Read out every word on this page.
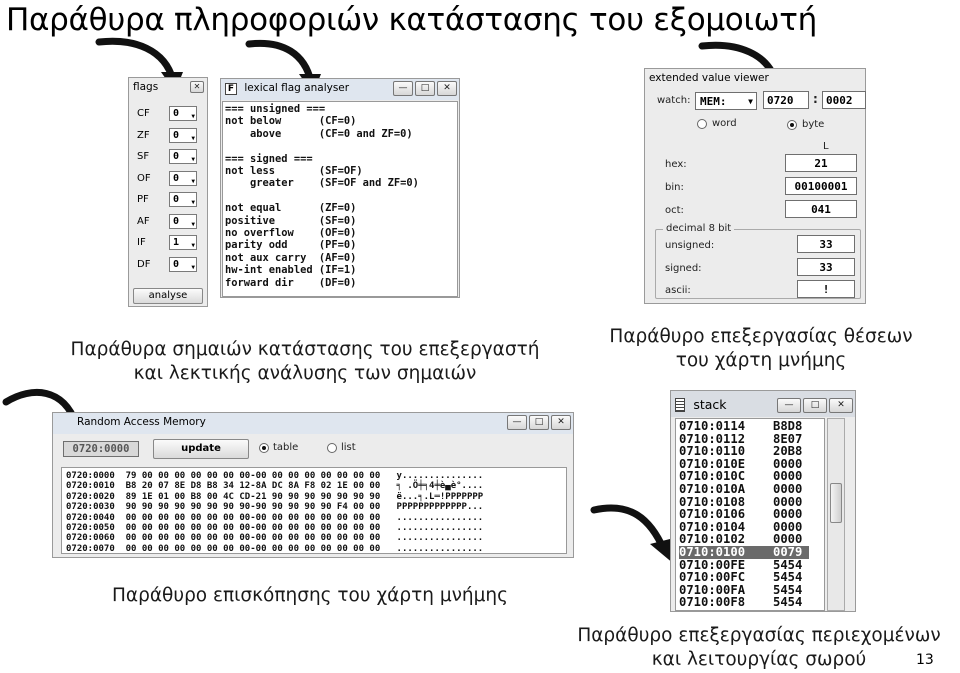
Παράθυρα πληροφοριών κατάστασης του εξομοιωτή
flags	✕
CF	0 ▼
ZF	0 ▼
SF	0 ▼
OF	0 ▼
PF	0 ▼
AF	0 ▼
IF	1 ▼
DF	0 ▼
analyse
F lexical flag analyser	—	□	✕
=== unsigned ===
not below      (CF=0)
above      (CF=0 and ZF=0)
=== signed ===
not less       (SF=OF)
greater    (SF=OF and ZF=0)
not equal      (ZF=0)
positive       (SF=0)
no overflow    (OF=0)
parity odd     (PF=0)
not aux carry  (AF=0)
hw-int enabled (IF=1)
forward dir    (DF=0)
extended value viewer
watch: MEM:	▼	0720	: 0002
word	byte
L
hex:	21
bin:	00100001
oct:	041
decimal 8 bit
unsigned:	33
signed:	33
ascii:	!
Random Access Memory	—	□	✕
0720:0000	update	table	list
0720:0000  79 00 00 00 00 00 00 00-00 00 00 00 00 00 00 00   y...............
0720:0010  B8 20 07 8E D8 B8 34 12-8A DC 8A F8 02 1E 00 00   ╕ .Ö╪╕4╪è▄è°....
0720:0020  89 1E 01 00 B8 00 4C CD-21 90 90 90 90 90 90 90   ë...╕.L═!PPPPPPP
0720:0030  90 90 90 90 90 90 90 90-90 90 90 90 90 F4 00 00   PPPPPPPPPPPPP...
0720:0040  00 00 00 00 00 00 00 00-00 00 00 00 00 00 00 00   ................
0720:0050  00 00 00 00 00 00 00 00-00 00 00 00 00 00 00 00   ................
0720:0060  00 00 00 00 00 00 00 00-00 00 00 00 00 00 00 00   ................
0720:0070  00 00 00 00 00 00 00 00-00 00 00 00 00 00 00 00   ................
stack	—	□	✕
0710:0114 B8D8
0710:0112 8E07
0710:0110 20B8
0710:010E 0000
0710:010C 0000
0710:010A 0000
0710:0108 0000
0710:0106 0000
0710:0104 0000
0710:0102 0000
0710:0100 0079 <
0710:00FE 5454
0710:00FC 5454
0710:00FA 5454
0710:00F8 5454
Παράθυρα σημαιών κατάστασης του επεξεργαστή
και λεκτικής ανάλυσης των σημαιών
Παράθυρο επεξεργασίας θέσεων
του χάρτη μνήμης
Παράθυρο επισκόπησης του χάρτη μνήμης
Παράθυρο επεξεργασίας περιεχομένων
και λειτουργίας σωρού	13
